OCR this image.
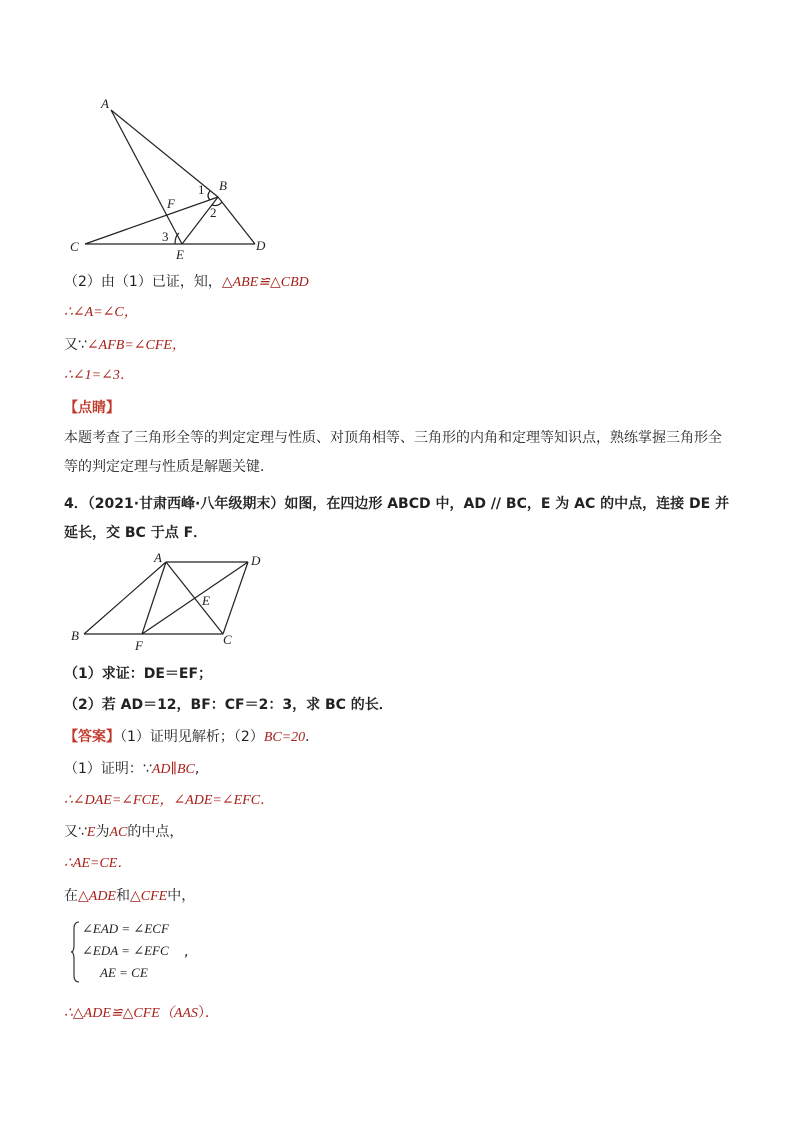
A
B
C	D
E
F
1
2
3
（2）由（1）已证，知，△ABE≌△CBD
∴∠A=∠C，
又∵∠AFB=∠CFE，
∴∠1=∠3．
【点睛】
本题考查了三角形全等的判定定理与性质、对顶角相等、三角形的内角和定理等知识点，熟练掌握三角形全等的判定定理与性质是解题关键．
4．（2021·甘肃西峰·八年级期末）如图，在四边形 ABCD 中，AD // BC，E 为 AC 的中点，连接 DE 并延长，交 BC 于点 F．
A
B	C
D
E
F
（1）求证：DE＝EF；
（2）若 AD＝12，BF：CF＝2：3，求 BC 的长．
【答案】（1）证明见解析；（2）BC=20．
（1）证明：∵AD∥BC,
∴∠DAE=∠FCE，∠ADE=∠EFC．
又∵E为AC的中点，
∴AE=CE．
在△ADE和△CFE中，
∠EAD = ∠ECF
∠EDA = ∠EFC
AE = CE
,
∴△ADE≌△CFE（AAS）．
